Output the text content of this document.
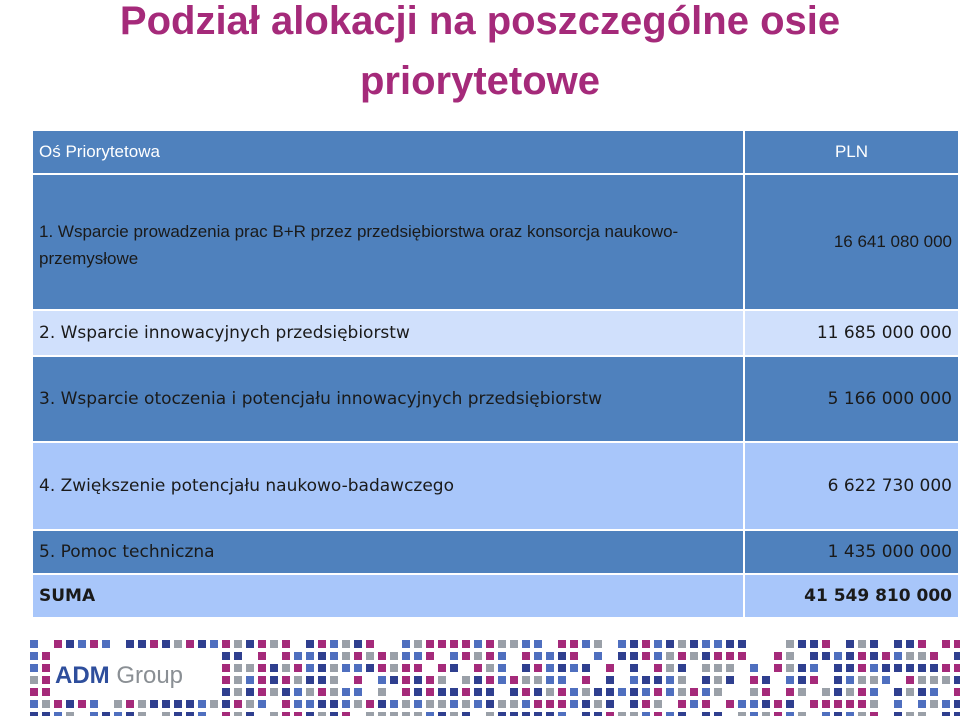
Podział alokacji na poszczególne osie
priorytetowe
Oś Priorytetowa	PLN
1. Wsparcie prowadzenia prac B+R przez przedsiębiorstwa oraz konsorcja naukowo-przemysłowe	16 641 080 000
2. Wsparcie innowacyjnych przedsiębiorstw	11 685 000 000
3. Wsparcie otoczenia i potencjału innowacyjnych przedsiębiorstw	5 166 000 000
4. Zwiększenie potencjału naukowo-badawczego	6 622 730 000
5. Pomoc techniczna	1 435 000 000
SUMA	41 549 810 000
ADM Group
